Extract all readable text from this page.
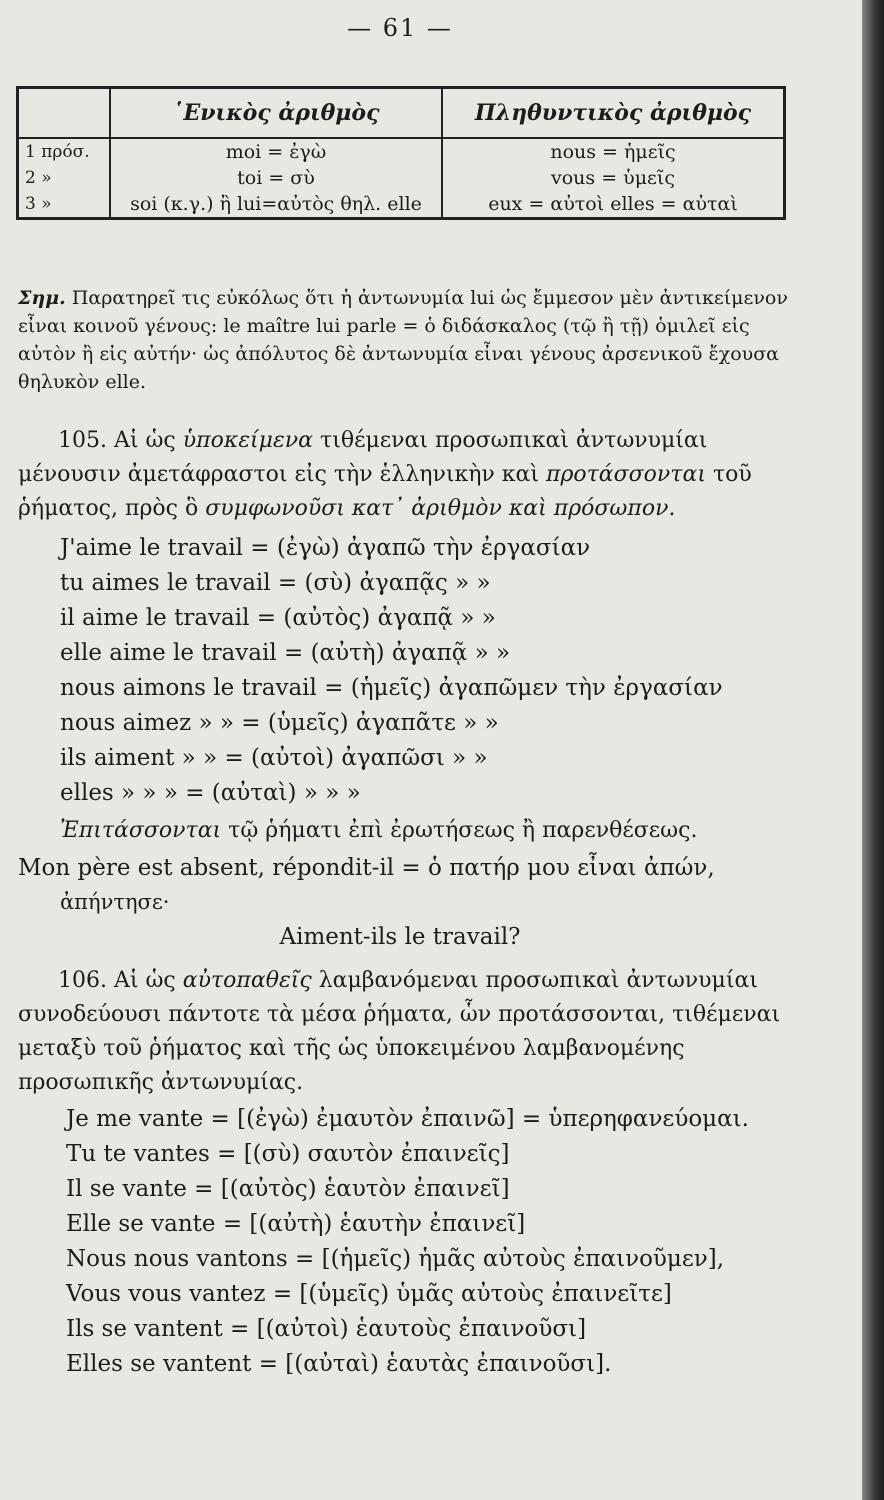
— 61 —
	῾Ενικὸς ἀριθμὸς	Πληθυντικὸς ἀριθμὸς
1 πρόσ.	moi = ἐγὼ	nous = ἡμεῖς
2 »	toi = σὺ	vous = ὑμεῖς
3 »	soi (κ.γ.) ἢ lui=αὐτὸς θηλ. elle	eux = αὐτοὶ elles = αὐταὶ

Σημ. Παρατηρεῖ τις εὐκόλως ὅτι ἡ ἀντωνυμία lui ὡς ἔμμεσον μὲν ἀντικείμενον εἶναι κοινοῦ γένους: le maître lui parle = ὁ διδάσκαλος (τῷ ἢ τῇ) ὁμιλεῖ εἰς αὐτὸν ἢ εἰς αὐτήν· ὡς ἀπόλυτος δὲ ἀντωνυμία εἶναι γένους ἀρσενικοῦ ἔχουσα θηλυκὸν elle.

105. Αἱ ὡς ὑποκείμενα τιθέμεναι προσωπικαὶ ἀντωνυμίαι μένουσιν ἀμετάφραστοι εἰς τὴν ἑλληνικὴν καὶ προτάσσονται τοῦ ῥήματος, πρὸς ὃ συμφωνοῦσι κατ᾽ ἀριθμὸν καὶ πρόσωπον.

J'aime le travail = (ἐγὼ) ἀγαπῶ τὴν ἐργασίαν
tu aimes le travail = (σὺ) ἀγαπᾷς » »
il aime le travail = (αὐτὸς) ἀγαπᾷ » »
elle aime le travail = (αὐτὴ) ἀγαπᾷ » »
nous aimons le travail = (ἡμεῖς) ἀγαπῶμεν τὴν ἐργασίαν
nous aimez » » = (ὑμεῖς) ἀγαπᾶτε » »
ils aiment » » = (αὐτοὶ) ἀγαπῶσι » »
elles » » » = (αὐταὶ) » » »
Ἐπιτάσσονται τῷ ῥήματι ἐπὶ ἐρωτήσεως ἢ παρενθέσεως.
Mon père est absent, répondit-il = ὁ πατήρ μου εἶναι ἀπών,
ἀπήντησε·
Aiment-ils le travail?

106. Αἱ ὡς αὐτοπαθεῖς λαμβανόμεναι προσωπικαὶ ἀντωνυμίαι συνοδεύουσι πάντοτε τὰ μέσα ῥήματα, ὧν προτάσσονται, τιθέμεναι μεταξὺ τοῦ ῥήματος καὶ τῆς ὡς ὑποκειμένου λαμβανομένης προσωπικῆς ἀντωνυμίας.

Je me vante = [(ἐγὼ) ἐμαυτὸν ἐπαινῶ] = ὑπερηφανεύομαι.
Tu te vantes = [(σὺ) σαυτὸν ἐπαινεῖς]
Il se vante = [(αὐτὸς) ἑαυτὸν ἐπαινεῖ]
Elle se vante = [(αὐτὴ) ἑαυτὴν ἐπαινεῖ]
Nous nous vantons = [(ἡμεῖς) ἡμᾶς αὐτοὺς ἐπαινοῦμεν],
Vous vous vantez = [(ὑμεῖς) ὑμᾶς αὐτοὺς ἐπαινεῖτε]
Ils se vantent = [(αὐτοὶ) ἑαυτοὺς ἐπαινοῦσι]
Elles se vantent = [(αὐταὶ) ἑαυτὰς ἐπαινοῦσι].
